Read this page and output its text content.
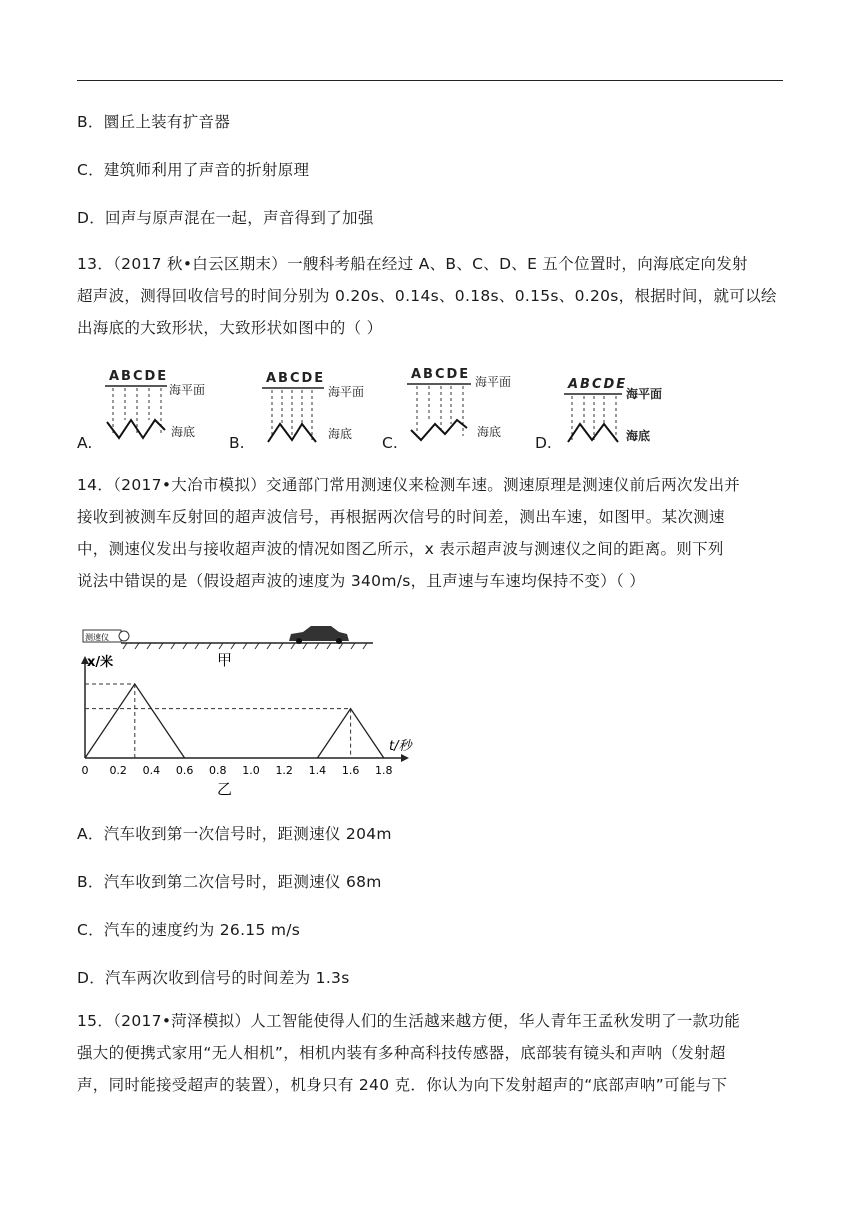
B．圜丘上装有扩音器
C．建筑师利用了声音的折射原理
D．回声与原声混在一起，声音得到了加强
13．（2017 秋•白云区期末）一艘科考船在经过 A、B、C、D、E 五个位置时，向海底定向发射
超声波，测得回收信号的时间分别为 0.20s、0.14s、0.18s、0.15s、0.20s，根据时间，就可以绘
出海底的大致形状，大致形状如图中的（ ）
ABCDE
海平面
海底
ABCDE
海平面
海底
ABCDE 海平面
海底
ABCDE
海平面
海底
A.	B.	C.	D.
14．（2017•大冶市模拟）交通部门常用测速仪来检测车速。测速原理是测速仪前后两次发出并
接收到被测车反射回的超声波信号，再根据两次信号的时间差，测出车速，如图甲。某次测速
中，测速仪发出与接收超声波的情况如图乙所示，x 表示超声波与测速仪之间的距离。则下列
说法中错误的是（假设超声波的速度为 340m/s，且声速与车速均保持不变）（ ）
测速仪
甲
x/米
t/秒
0 0.2 0.4 0.6 0.8 1.0 1.2 1.4 1.6 1.8
乙
A．汽车收到第一次信号时，距测速仪 204m
B．汽车收到第二次信号时，距测速仪 68m
C．汽车的速度约为 26.15 m/s
D．汽车两次收到信号的时间差为 1.3s
15．（2017•菏泽模拟）人工智能使得人们的生活越来越方便，华人青年王孟秋发明了一款功能
强大的便携式家用“无人相机”，相机内装有多种高科技传感器，底部装有镜头和声呐（发射超
声，同时能接受超声的装置），机身只有 240 克．你认为向下发射超声的“底部声呐”可能与下
